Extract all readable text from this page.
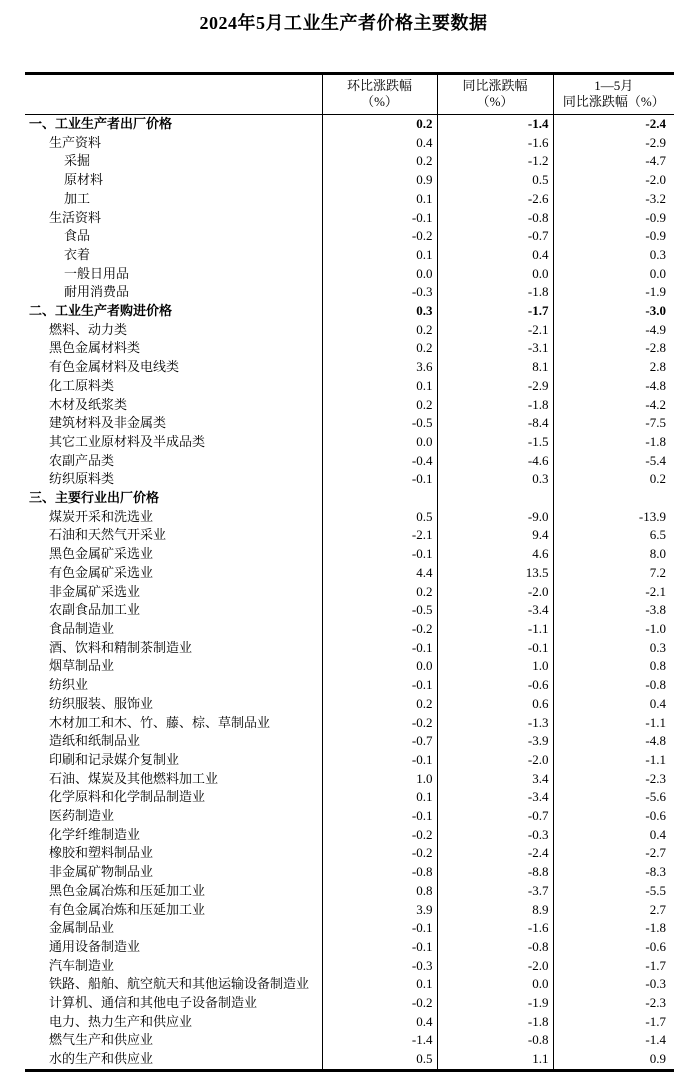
2024年5月工业生产者价格主要数据

环比涨跌幅
（%）

同比涨跌幅
（%）

1—5月
同比涨跌幅（%）

一、工业生产者出厂价格	0.2	-1.4	-2.4
生产资料	0.4	-1.6	-2.9
采掘	0.2	-1.2	-4.7
原材料	0.9	0.5	-2.0
加工	0.1	-2.6	-3.2
生活资料	-0.1	-0.8	-0.9
食品	-0.2	-0.7	-0.9
衣着	0.1	0.4	0.3
一般日用品	0.0	0.0	0.0
耐用消费品	-0.3	-1.8	-1.9
二、工业生产者购进价格	0.3	-1.7	-3.0
燃料、动力类	0.2	-2.1	-4.9
黑色金属材料类	0.2	-3.1	-2.8
有色金属材料及电线类	3.6	8.1	2.8
化工原料类	0.1	-2.9	-4.8
木材及纸浆类	0.2	-1.8	-4.2
建筑材料及非金属类	-0.5	-8.4	-7.5
其它工业原材料及半成品类	0.0	-1.5	-1.8
农副产品类	-0.4	-4.6	-5.4
纺织原料类	-0.1	0.3	0.2
三、主要行业出厂价格			
煤炭开采和洗选业	0.5	-9.0	-13.9
石油和天然气开采业	-2.1	9.4	6.5
黑色金属矿采选业	-0.1	4.6	8.0
有色金属矿采选业	4.4	13.5	7.2
非金属矿采选业	0.2	-2.0	-2.1
农副食品加工业	-0.5	-3.4	-3.8
食品制造业	-0.2	-1.1	-1.0
酒、饮料和精制茶制造业	-0.1	-0.1	0.3
烟草制品业	0.0	1.0	0.8
纺织业	-0.1	-0.6	-0.8
纺织服装、服饰业	0.2	0.6	0.4
木材加工和木、竹、藤、棕、草制品业	-0.2	-1.3	-1.1
造纸和纸制品业	-0.7	-3.9	-4.8
印刷和记录媒介复制业	-0.1	-2.0	-1.1
石油、煤炭及其他燃料加工业	1.0	3.4	-2.3
化学原料和化学制品制造业	0.1	-3.4	-5.6
医药制造业	-0.1	-0.7	-0.6
化学纤维制造业	-0.2	-0.3	0.4
橡胶和塑料制品业	-0.2	-2.4	-2.7
非金属矿物制品业	-0.8	-8.8	-8.3
黑色金属冶炼和压延加工业	0.8	-3.7	-5.5
有色金属冶炼和压延加工业	3.9	8.9	2.7
金属制品业	-0.1	-1.6	-1.8
通用设备制造业	-0.1	-0.8	-0.6
汽车制造业	-0.3	-2.0	-1.7
铁路、船舶、航空航天和其他运输设备制造业	0.1	0.0	-0.3
计算机、通信和其他电子设备制造业	-0.2	-1.9	-2.3
电力、热力生产和供应业	0.4	-1.8	-1.7
燃气生产和供应业	-1.4	-0.8	-1.4
水的生产和供应业	0.5	1.1	0.9
